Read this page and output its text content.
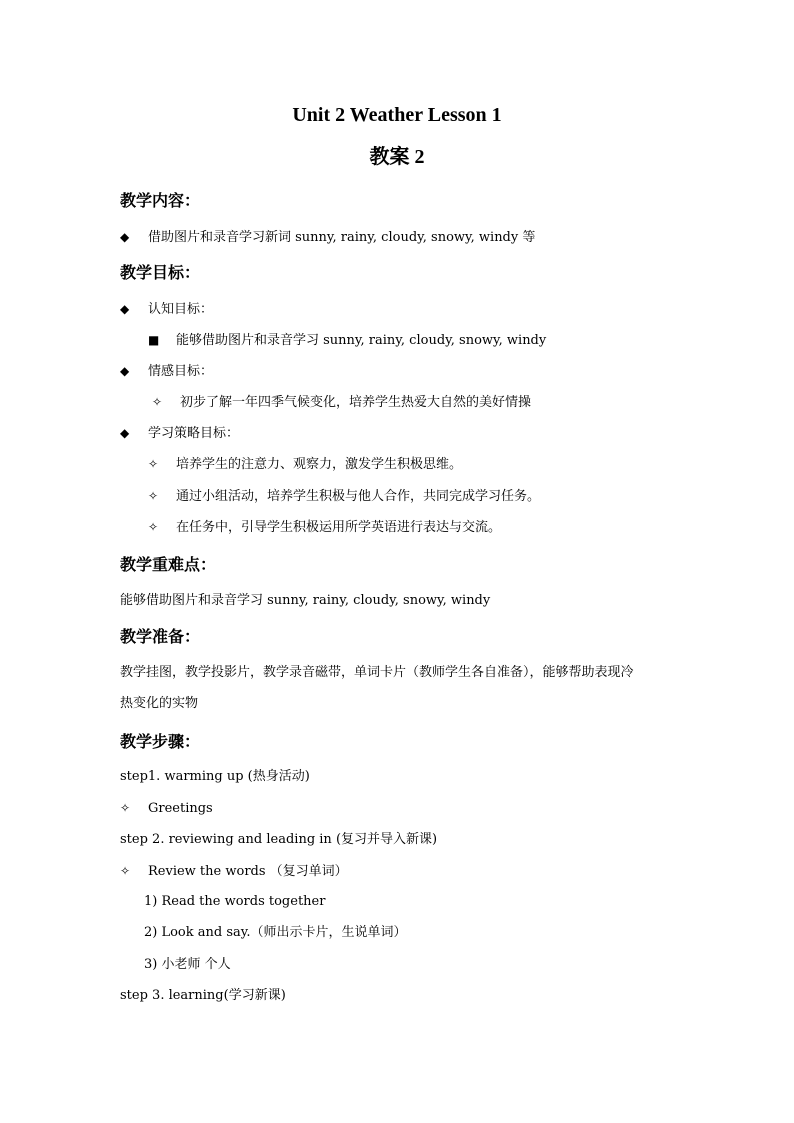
Unit 2 Weather Lesson 1
教案 2
教学内容：
◆ 借助图片和录音学习新词 sunny, rainy, cloudy, snowy, windy 等
教学目标：
◆ 认知目标：
■ 能够借助图片和录音学习 sunny, rainy, cloudy, snowy, windy
◆ 情感目标：
✧ 初步了解一年四季气候变化，培养学生热爱大自然的美好情操
◆ 学习策略目标：
✧ 培养学生的注意力、观察力，激发学生积极思维。
✧ 通过小组活动，培养学生积极与他人合作，共同完成学习任务。
✧ 在任务中，引导学生积极运用所学英语进行表达与交流。
教学重难点：
能够借助图片和录音学习 sunny, rainy, cloudy, snowy, windy
教学准备：
教学挂图，教学投影片，教学录音磁带，单词卡片（教师学生各自准备），能够帮助表现冷
热变化的实物
教学步骤：
step1. warming up (热身活动)
✧ Greetings
step 2. reviewing and leading in (复习并导入新课)
✧ Review the words （复习单词）
1) Read the words together
2) Look and say.（师出示卡片，生说单词）
3) 小老师 个人
step 3. learning(学习新课)
